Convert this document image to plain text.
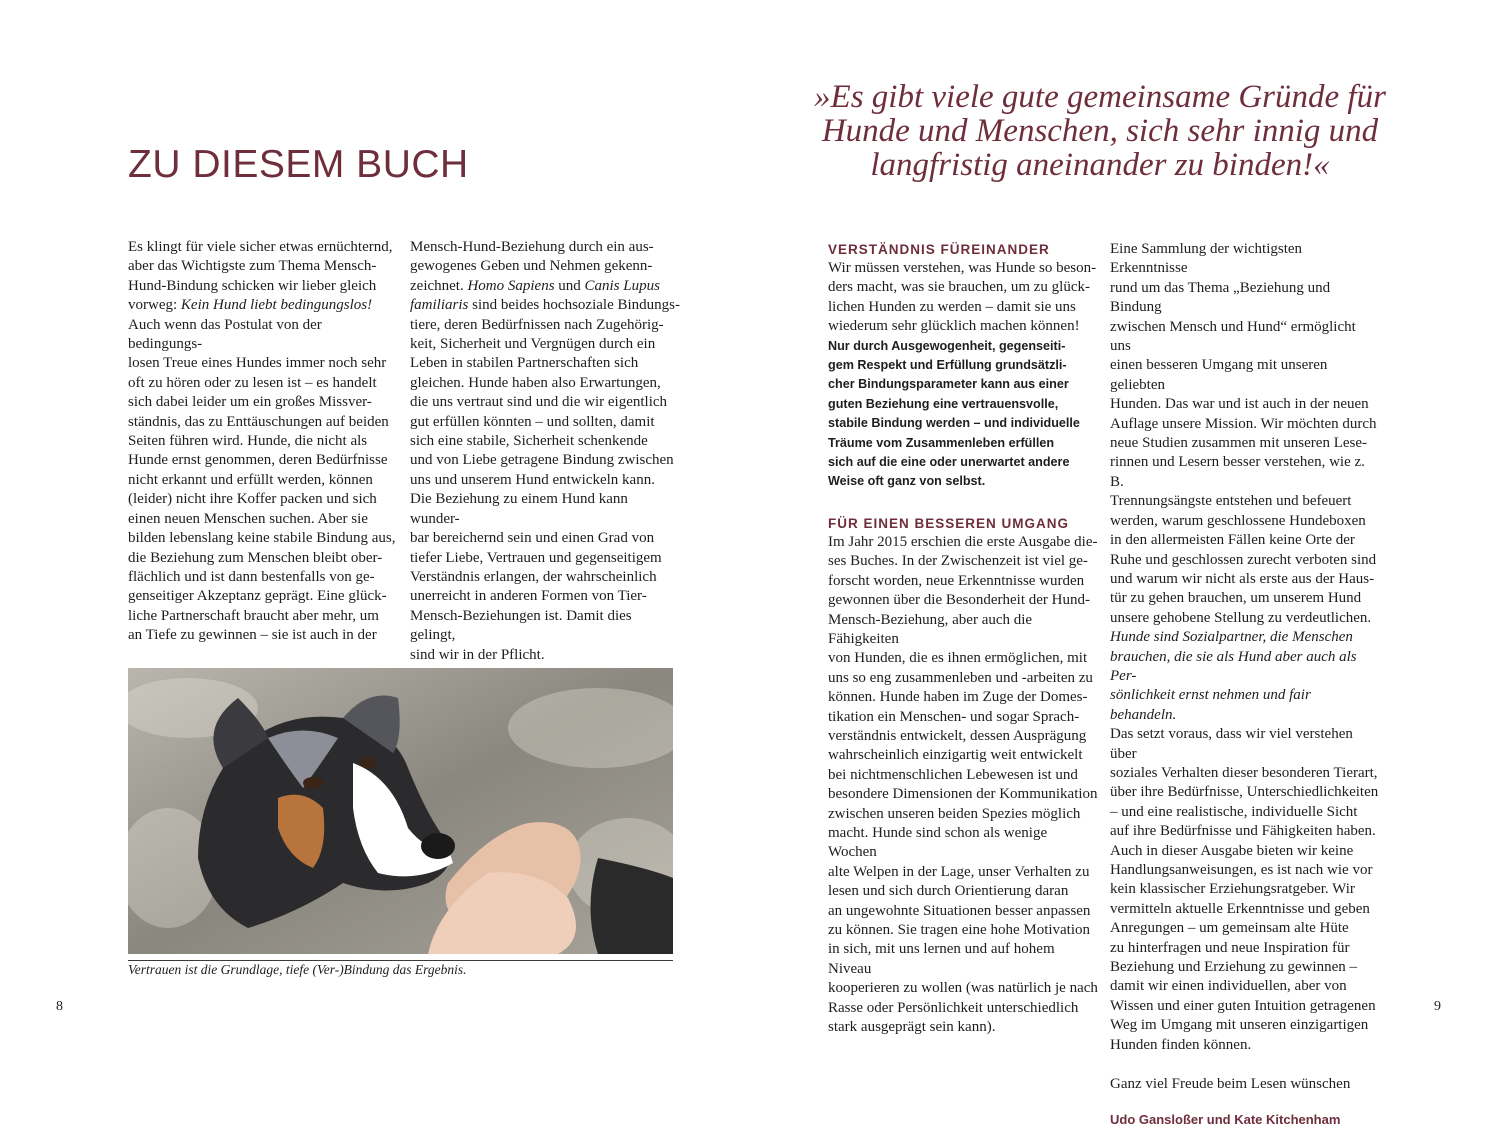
ZU DIESEM BUCH
Es klingt für viele sicher etwas ernüchternd,
aber das Wichtigste zum Thema Mensch-
Hund-Bindung schicken wir lieber gleich
vorweg: Kein Hund liebt bedingungslos!
Auch wenn das Postulat von der bedingungs-
losen Treue eines Hundes immer noch sehr
oft zu hören oder zu lesen ist – es handelt
sich dabei leider um ein großes Missver-
ständnis, das zu Enttäuschungen auf beiden
Seiten führen wird. Hunde, die nicht als
Hunde ernst genommen, deren Bedürfnisse
nicht erkannt und erfüllt werden, können
(leider) nicht ihre Koffer packen und sich
einen neuen Menschen suchen. Aber sie
bilden lebenslang keine stabile Bindung aus,
die Beziehung zum Menschen bleibt ober-
flächlich und ist dann bestenfalls von ge-
genseitiger Akzeptanz geprägt. Eine glück-
liche Partnerschaft braucht aber mehr, um
an Tiefe zu gewinnen – sie ist auch in der
Mensch-Hund-Beziehung durch ein aus-
gewogenes Geben und Nehmen gekenn-
zeichnet. Homo Sapiens und Canis Lupus
familiaris sind beides hochsoziale Bindungs-
tiere, deren Bedürfnissen nach Zugehörig-
keit, Sicherheit und Vergnügen durch ein
Leben in stabilen Partnerschaften sich
gleichen. Hunde haben also Erwartungen,
die uns vertraut sind und die wir eigentlich
gut erfüllen könnten – und sollten, damit
sich eine stabile, Sicherheit schenkende
und von Liebe getragene Bindung zwischen
uns und unserem Hund entwickeln kann.
Die Beziehung zu einem Hund kann wunder-
bar bereichernd sein und einen Grad von
tiefer Liebe, Vertrauen und gegenseitigem
Verständnis erlangen, der wahrscheinlich
unerreicht in anderen Formen von Tier-
Mensch-Beziehungen ist. Damit dies gelingt,
sind wir in der Pflicht.
Vertrauen ist die Grundlage, tiefe (Ver-)Bindung das Ergebnis.
8
»Es gibt viele gute gemeinsame Gründe für Hunde und Menschen, sich sehr innig und langfristig aneinander zu binden!«
VERSTÄNDNIS FÜREINANDER
Wir müssen verstehen, was Hunde so beson-
ders macht, was sie brauchen, um zu glück-
lichen Hunden zu werden – damit sie uns
wiederum sehr glücklich machen können!
Nur durch Ausgewogenheit, gegenseiti-
gem Respekt und Erfüllung grundsätzli-
cher Bindungsparameter kann aus einer
guten Beziehung eine vertrauensvolle,
stabile Bindung werden – und individuelle
Träume vom Zusammenleben erfüllen
sich auf die eine oder unerwartet andere
Weise oft ganz von selbst.
FÜR EINEN BESSEREN UMGANG
Im Jahr 2015 erschien die erste Ausgabe die-
ses Buches. In der Zwischenzeit ist viel ge-
forscht worden, neue Erkenntnisse wurden
gewonnen über die Besonderheit der Hund-
Mensch-Beziehung, aber auch die Fähigkeiten
von Hunden, die es ihnen ermöglichen, mit
uns so eng zusammenleben und -arbeiten zu
können. Hunde haben im Zuge der Domes-
tikation ein Menschen- und sogar Sprach-
verständnis entwickelt, dessen Ausprägung
wahrscheinlich einzigartig weit entwickelt
bei nichtmenschlichen Lebewesen ist und
besondere Dimensionen der Kommunikation
zwischen unseren beiden Spezies möglich
macht. Hunde sind schon als wenige Wochen
alte Welpen in der Lage, unser Verhalten zu
lesen und sich durch Orientierung daran
an ungewohnte Situationen besser anpassen
zu können. Sie tragen eine hohe Motivation
in sich, mit uns lernen und auf hohem Niveau
kooperieren zu wollen (was natürlich je nach
Rasse oder Persönlichkeit unterschiedlich
stark ausgeprägt sein kann).
Eine Sammlung der wichtigsten Erkenntnisse
rund um das Thema „Beziehung und Bindung
zwischen Mensch und Hund“ ermöglicht uns
einen besseren Umgang mit unseren geliebten
Hunden. Das war und ist auch in der neuen
Auflage unsere Mission. Wir möchten durch
neue Studien zusammen mit unseren Lese-
rinnen und Lesern besser verstehen, wie z. B.
Trennungsängste entstehen und befeuert
werden, warum geschlossene Hundeboxen
in den allermeisten Fällen keine Orte der
Ruhe und geschlossen zurecht verboten sind
und warum wir nicht als erste aus der Haus-
tür zu gehen brauchen, um unserem Hund
unsere gehobene Stellung zu verdeutlichen.
Hunde sind Sozialpartner, die Menschen
brauchen, die sie als Hund aber auch als Per-
sönlichkeit ernst nehmen und fair behandeln.
Das setzt voraus, dass wir viel verstehen über
soziales Verhalten dieser besonderen Tierart,
über ihre Bedürfnisse, Unterschiedlichkeiten
– und eine realistische, individuelle Sicht
auf ihre Bedürfnisse und Fähigkeiten haben.
Auch in dieser Ausgabe bieten wir keine
Handlungsanweisungen, es ist nach wie vor
kein klassischer Erziehungsratgeber. Wir
vermitteln aktuelle Erkenntnisse und geben
Anregungen – um gemeinsam alte Hüte
zu hinterfragen und neue Inspiration für
Beziehung und Erziehung zu gewinnen –
damit wir einen individuellen, aber von
Wissen und einer guten Intuition getragenen
Weg im Umgang mit unseren einzigartigen
Hunden finden können.
Ganz viel Freude beim Lesen wünschen
Udo Gansloßer und Kate Kitchenham
9
